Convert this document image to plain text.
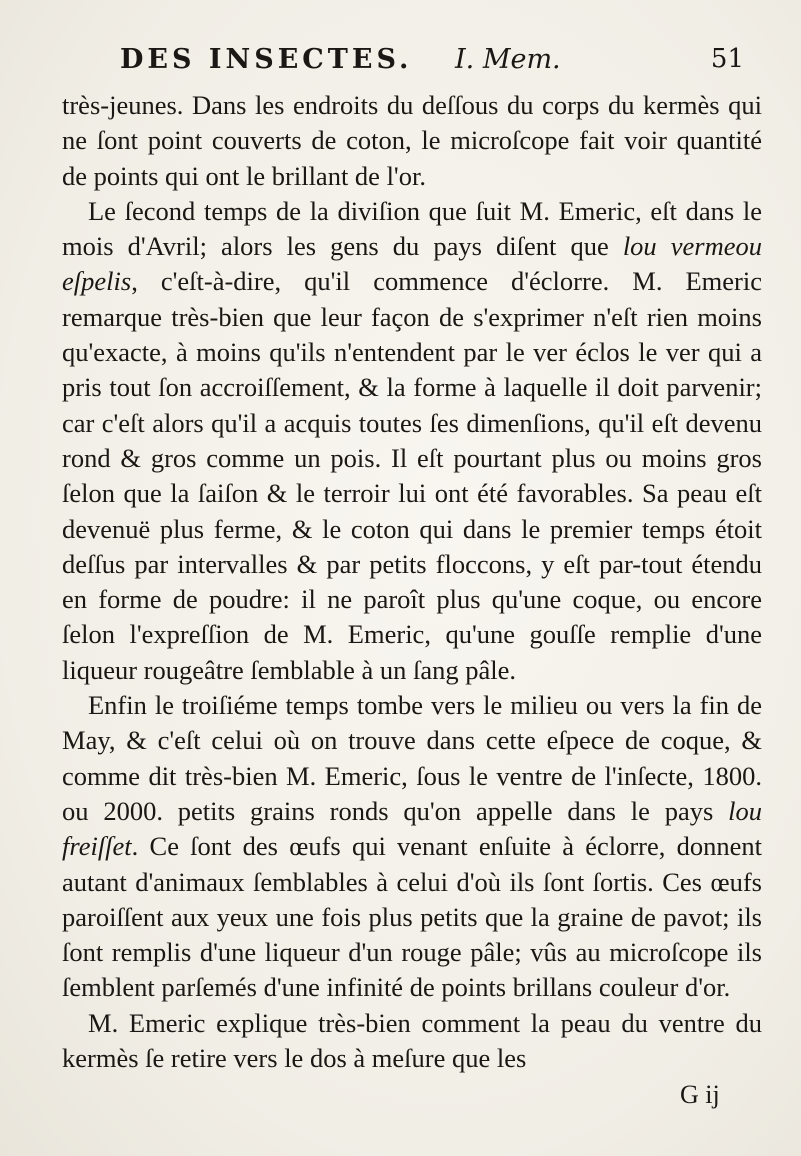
DES INSECTES. I. Mem.	51

très-jeunes. Dans les endroits du deſſous du corps du kermès qui ne ſont point couverts de coton, le microſcope fait voir quantité de points qui ont le brillant de l'or.

Le ſecond temps de la diviſion que ſuit M. Emeric, eſt dans le mois d'Avril; alors les gens du pays diſent que lou vermeou eſpelis, c'eſt-à-dire, qu'il commence d'éclorre. M. Emeric remarque très-bien que leur façon de s'exprimer n'eſt rien moins qu'exacte, à moins qu'ils n'entendent par le ver éclos le ver qui a pris tout ſon accroiſſement, & la forme à laquelle il doit parvenir; car c'eſt alors qu'il a acquis toutes ſes dimenſions, qu'il eſt devenu rond & gros comme un pois. Il eſt pourtant plus ou moins gros ſelon que la ſaiſon & le terroir lui ont été favorables. Sa peau eſt devenuë plus ferme, & le coton qui dans le premier temps étoit deſſus par intervalles & par petits floccons, y eſt par-tout étendu en forme de poudre: il ne paroît plus qu'une coque, ou encore ſelon l'expreſſion de M. Emeric, qu'une gouſſe remplie d'une liqueur rougeâtre ſemblable à un ſang pâle.

Enfin le troiſiéme temps tombe vers le milieu ou vers la fin de May, & c'eſt celui où on trouve dans cette eſpece de coque, & comme dit très-bien M. Emeric, ſous le ventre de l'inſecte, 1800. ou 2000. petits grains ronds qu'on appelle dans le pays lou freiſſet. Ce ſont des œufs qui venant enſuite à éclorre, donnent autant d'animaux ſemblables à celui d'où ils ſont ſortis. Ces œufs paroiſſent aux yeux une fois plus petits que la graine de pavot; ils ſont remplis d'une liqueur d'un rouge pâle; vûs au microſcope ils ſemblent parſemés d'une infinité de points brillans couleur d'or.

M. Emeric explique très-bien comment la peau du ventre du kermès ſe retire vers le dos à meſure que les

G ij
